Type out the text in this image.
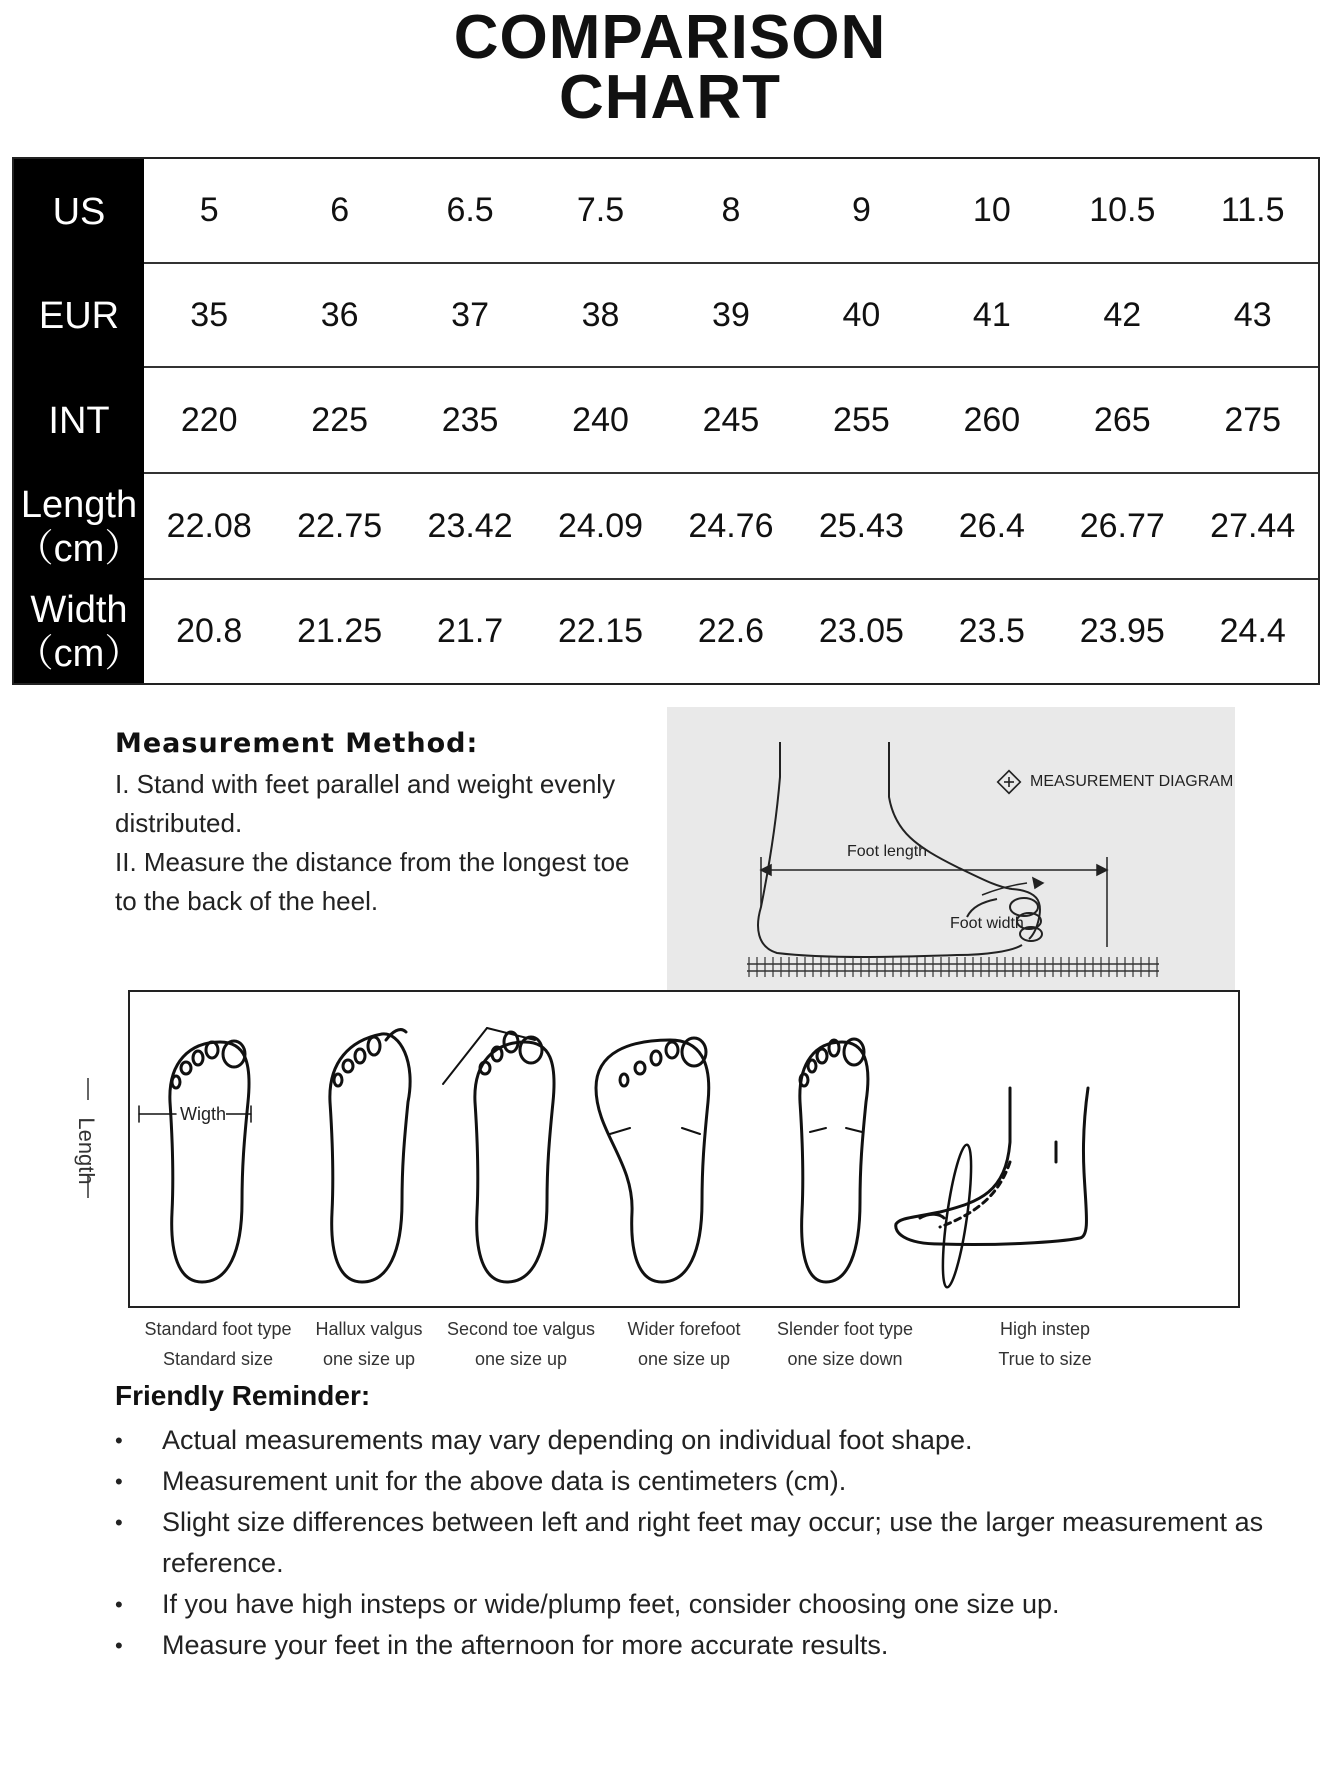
COMPARISON
CHART
US	5	6	6.5	7.5	8	9	10	10.5	11.5
EUR	35	36	37	38	39	40	41	42	43
INT	220	225	235	240	245	255	260	265	275
Length
（cm）
22.08	22.75	23.42	24.09	24.76	25.43	26.4	26.77	27.44
Width
（cm）
20.8	21.25	21.7	22.15	22.6	23.05	23.5	23.95	24.4
Measurement Method:

I. Stand with feet parallel and weight evenly distributed.

II. Measure the distance from the longest toe to the back of the heel.

MEASUREMENT DIAGRAM
Foot length
Foot width
Length
Wigth
Standard foot type
Standard size
Hallux valgus
one size up
Second toe valgus
one size up
Wider forefoot
one size up
Slender foot type
one size down
High instep
True to size
Friendly Reminder:
• Actual measurements may vary depending on individual foot shape.
• Measurement unit for the above data is centimeters (cm).
• Slight size differences between left and right feet may occur; use the larger measurement as reference.
• If you have high insteps or wide/plump feet, consider choosing one size up.
• Measure your feet in the afternoon for more accurate results.
